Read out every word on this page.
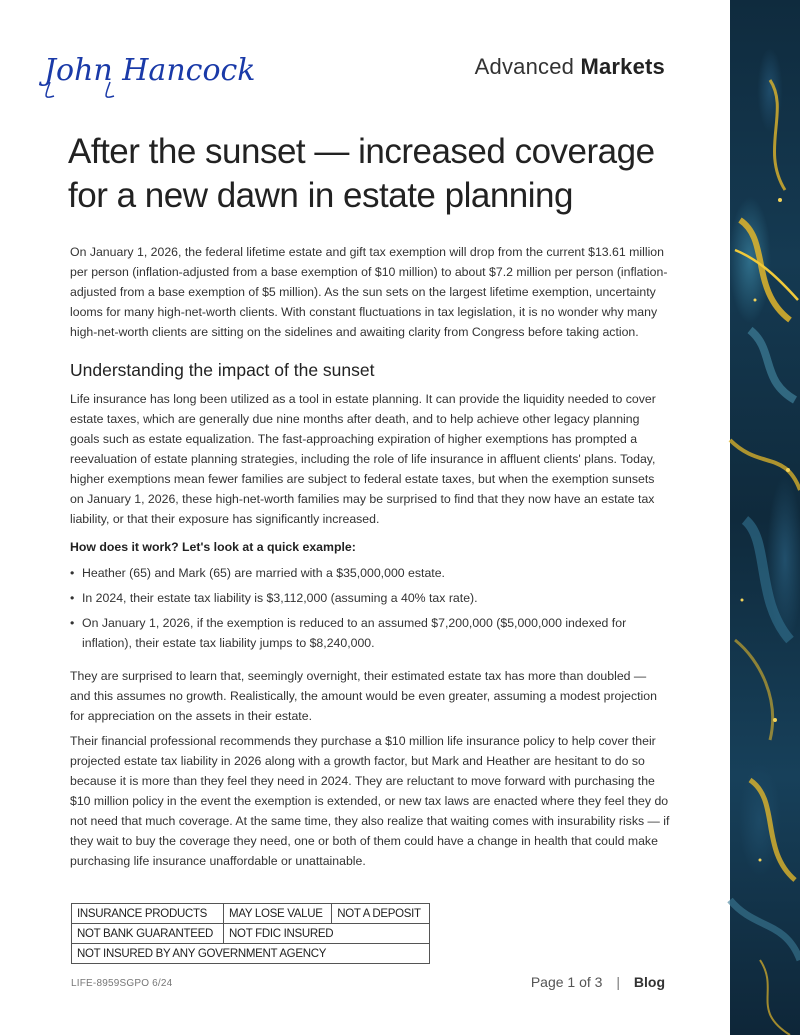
John Hancock	Advanced Markets
After the sunset — increased coverage for a new dawn in estate planning

On January 1, 2026, the federal lifetime estate and gift tax exemption will drop from the current $13.61 million per person (inflation-adjusted from a base exemption of $10 million) to about $7.2 million per person (inflation-adjusted from a base exemption of $5 million). As the sun sets on the largest lifetime exemption, uncertainty looms for many high-net-worth clients. With constant fluctuations in tax legislation, it is no wonder why many high-net-worth clients are sitting on the sidelines and awaiting clarity from Congress before taking action.

Understanding the impact of the sunset

Life insurance has long been utilized as a tool in estate planning. It can provide the liquidity needed to cover estate taxes, which are generally due nine months after death, and to help achieve other legacy planning goals such as estate equalization. The fast-approaching expiration of higher exemptions has prompted a reevaluation of estate planning strategies, including the role of life insurance in affluent clients' plans. Today, higher exemptions mean fewer families are subject to federal estate taxes, but when the exemption sunsets on January 1, 2026, these high-net-worth families may be surprised to find that they now have an estate tax liability, or that their exposure has significantly increased.

How does it work? Let's look at a quick example:
• Heather (65) and Mark (65) are married with a $35,000,000 estate.
• In 2024, their estate tax liability is $3,112,000 (assuming a 40% tax rate).
• On January 1, 2026, if the exemption is reduced to an assumed $7,200,000 ($5,000,000 indexed for inflation), their estate tax liability jumps to $8,240,000.

They are surprised to learn that, seemingly overnight, their estimated estate tax has more than doubled — and this assumes no growth. Realistically, the amount would be even greater, assuming a modest projection for appreciation on the assets in their estate.

Their financial professional recommends they purchase a $10 million life insurance policy to help cover their projected estate tax liability in 2026 along with a growth factor, but Mark and Heather are hesitant to do so because it is more than they feel they need in 2024. They are reluctant to move forward with purchasing the $10 million policy in the event the exemption is extended, or new tax laws are enacted where they feel they do not need that much coverage. At the same time, they also realize that waiting comes with insurability risks — if they wait to buy the coverage they need, one or both of them could have a change in health that could make purchasing life insurance unaffordable or unattainable.

INSURANCE PRODUCTS	MAY LOSE VALUE	NOT A DEPOSIT
NOT BANK GUARANTEED	NOT FDIC INSURED	
NOT INSURED BY ANY GOVERNMENT AGENCY		
LIFE-8959SGPO 6/24	Page 1 of 3 | Blog
